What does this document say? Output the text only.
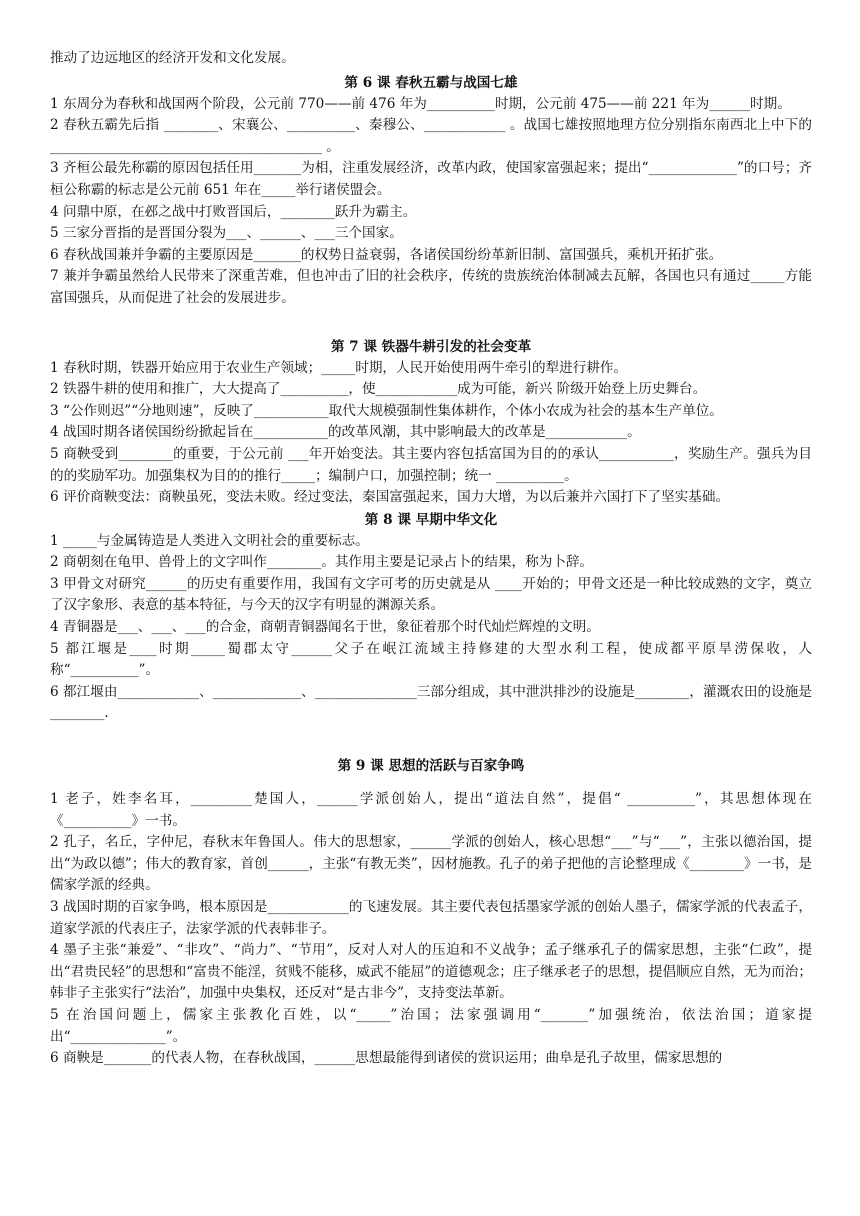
推动了边远地区的经济开发和文化发展。

第 6 课 春秋五霸与战国七雄

1 东周分为春秋和战国两个阶段，公元前 770——前 476 年为__________时期，公元前 475——前 221 年为______时期。

2 春秋五霸先后指 ________、宋襄公、__________、秦穆公、____________ 。战国七雄按照地理方位分别指东南西北上中下的 ________________________________________ 。

3 齐桓公最先称霸的原因包括任用_______为相，注重发展经济，改革内政，使国家富强起来；提出“_____________”的口号；齐桓公称霸的标志是公元前 651 年在_____举行诸侯盟会。

4 问鼎中原，在邲之战中打败晋国后，________跃升为霸主。

5 三家分晋指的是晋国分裂为___、______、___三个国家。

6 春秋战国兼并争霸的主要原因是_______的权势日益衰弱，各诸侯国纷纷革新旧制、富国强兵，乘机开拓扩张。

7 兼并争霸虽然给人民带来了深重苦难，但也冲击了旧的社会秩序，传统的贵族统治体制减去瓦解，各国也只有通过_____方能富国强兵，从而促进了社会的发展进步。

第 7 课 铁器牛耕引发的社会变革

1 春秋时期，铁器开始应用于农业生产领域；_____时期，人民开始使用两牛牵引的犁进行耕作。

2 铁器牛耕的使用和推广，大大提高了__________，使____________成为可能，新兴 阶级开始登上历史舞台。

3 “公作则迟”“分地则速”，反映了___________取代大规模强制性集体耕作，个体小农成为社会的基本生产单位。

4 战国时期各诸侯国纷纷掀起旨在___________的改革风潮，其中影响最大的改革是____________。

5 商鞅受到________的重要，于公元前 ___年开始变法。其主要内容包括富国为目的的承认___________，奖励生产。强兵为目的的奖励军功。加强集权为目的的推行_____；编制户口，加强控制；统一 __________。

6 评价商鞅变法：商鞅虽死，变法未败。经过变法，秦国富强起来，国力大增，为以后兼并六国打下了坚实基础。

第 8 课 早期中华文化

1 _____与金属铸造是人类进入文明社会的重要标志。

2 商朝刻在龟甲、兽骨上的文字叫作________。其作用主要是记录占卜的结果，称为卜辞。

3 甲骨文对研究______的历史有重要作用，我国有文字可考的历史就是从 ____开始的；甲骨文还是一种比较成熟的文字，奠立了汉字象形、表意的基本特征，与今天的汉字有明显的渊源关系。

4 青铜器是___、___、___的合金，商朝青铜器闻名于世，象征着那个时代灿烂辉煌的文明。

5 都江堰是____时期_____蜀郡太守______父子在岷江流域主持修建的大型水利工程，使成都平原旱涝保收，人称“__________”。

6 都江堰由____________、_____________、_______________三部分组成，其中泄洪排沙的设施是________，灌溉农田的设施是________.

第 9 课 思想的活跃与百家争鸣

1 老子，姓李名耳，_________楚国人，______学派创始人，提出“道法自然”，提倡“ __________”，其思想体现在《__________》一书。

2 孔子，名丘，字仲尼，春秋末年鲁国人。伟大的思想家，______学派的创始人，核心思想“___”与“___”，主张以德治国，提出“为政以德”；伟大的教育家，首创______，主张“有教无类”，因材施教。孔子的弟子把他的言论整理成《________》一书，是儒家学派的经典。

3 战国时期的百家争鸣，根本原因是____________的飞速发展。其主要代表包括墨家学派的创始人墨子，儒家学派的代表孟子，道家学派的代表庄子，法家学派的代表韩非子。

4 墨子主张“兼爱”、“非攻”、“尚力”、“节用”，反对人对人的压迫和不义战争；孟子继承孔子的儒家思想，主张“仁政”，提出“君贵民轻”的思想和“富贵不能淫，贫贱不能移，威武不能屈”的道德观念；庄子继承老子的思想，提倡顺应自然，无为而治；韩非子主张实行“法治”，加强中央集权，还反对“是古非今”，支持变法革新。

5 在治国问题上，儒家主张教化百姓，以“_____”治国；法家强调用“_______”加强统治，依法治国；道家提出“______________”。

6 商鞅是_______的代表人物，在春秋战国，______思想最能得到诸侯的赏识运用；曲阜是孔子故里，儒家思想的
